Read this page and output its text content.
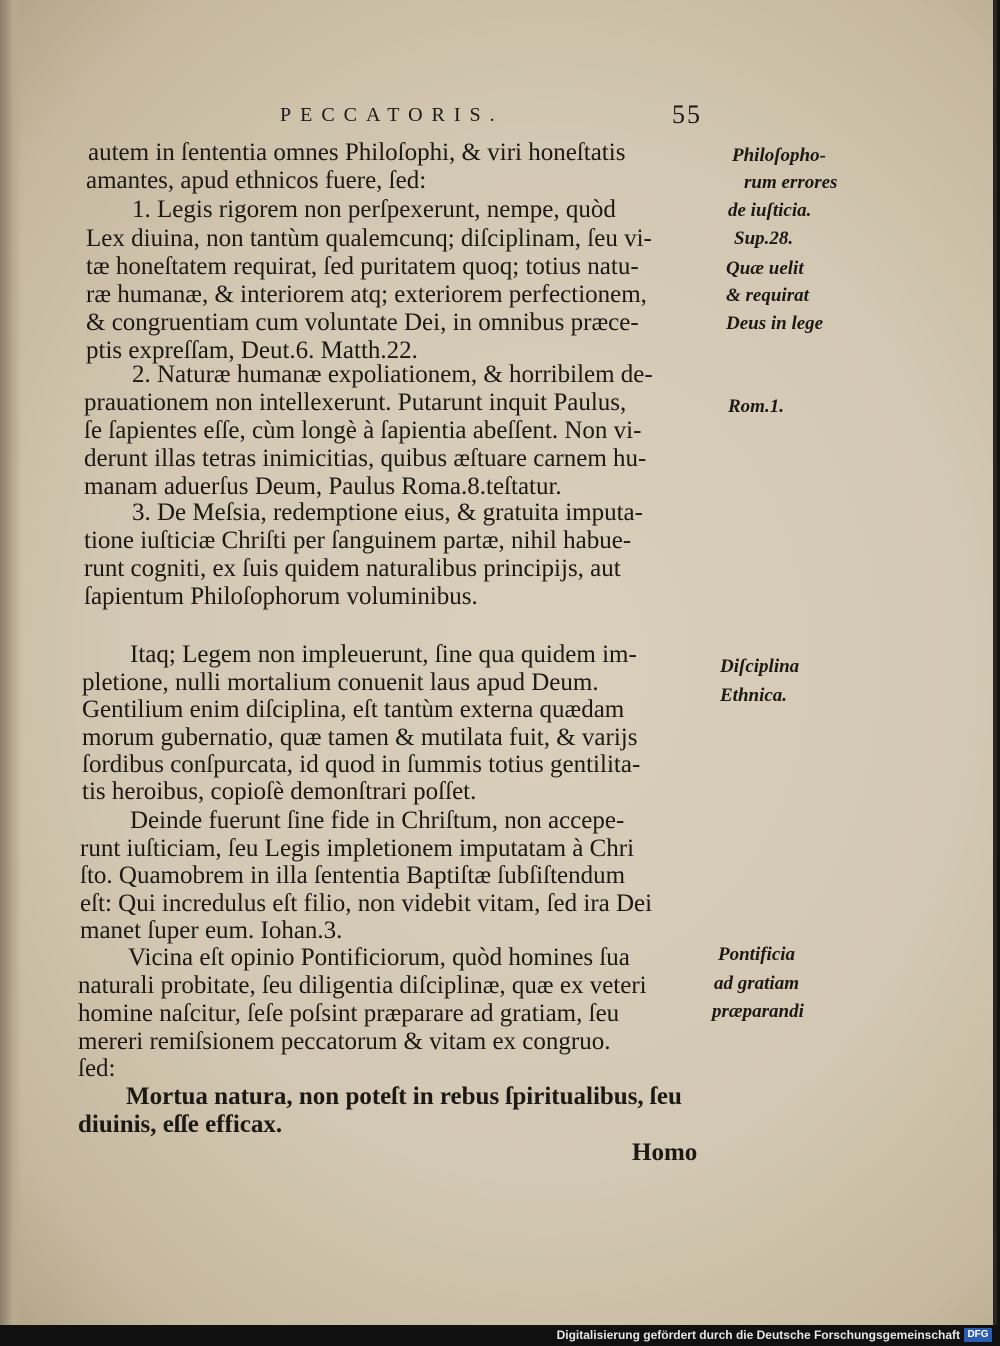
PECCATORIS.	55
autem in ſententia omnes Philoſophi, & viri honeſtatis
amantes, apud ethnicos fuere, ſed:
1. Legis rigorem non perſpexerunt, nempe, quòd
Lex diuina, non tantùm qualemcunq; diſciplinam, ſeu vi-
tæ honeſtatem requirat, ſed puritatem quoq; totius natu-
ræ humanæ, & interiorem atq; exteriorem perfectionem,
& congruentiam cum voluntate Dei, in omnibus præce-
ptis expreſſam, Deut.6. Matth.22.
2. Naturæ humanæ expoliationem, & horribilem de-
prauationem non intellexerunt. Putarunt inquit Paulus,
ſe ſapientes eſſe, cùm longè à ſapientia abeſſent. Non vi-
derunt illas tetras inimicitias, quibus æſtuare carnem hu-
manam aduerſus Deum, Paulus Roma.8.teſtatur.
3. De Meſsia, redemptione eius, & gratuita imputa-
tione iuſticiæ Chriſti per ſanguinem partæ, nihil habue-
runt cogniti, ex ſuis quidem naturalibus principijs, aut
ſapientum Philoſophorum voluminibus.
Itaq; Legem non impleuerunt, ſine qua quidem im-
pletione, nulli mortalium conuenit laus apud Deum.
Gentilium enim diſciplina, eſt tantùm externa quædam
morum gubernatio, quæ tamen & mutilata fuit, & varijs
ſordibus conſpurcata, id quod in ſummis totius gentilita-
tis heroibus, copioſè demonſtrari poſſet.
Deinde fuerunt ſine fide in Chriſtum, non accepe-
runt iuſticiam, ſeu Legis impletionem imputatam à Chri
ſto. Quamobrem in illa ſententia Baptiſtæ ſubſiſtendum
eſt: Qui incredulus eſt filio, non videbit vitam, ſed ira Dei
manet ſuper eum. Iohan.3.
Vicina eſt opinio Pontificiorum, quòd homines ſua
naturali probitate, ſeu diligentia diſciplinæ, quæ ex veteri
homine naſcitur, ſeſe poſsint præparare ad gratiam, ſeu
mereri remiſsionem peccatorum & vitam ex congruo.
ſed:
Mortua natura, non poteſt in rebus ſpiritualibus, ſeu
diuinis, eſſe efficax.
Homo
Philoſopho-
rum errores
de iuſticia.
Sup.28.
Quæ uelit
& requirat
Deus in lege
Rom.1.
Diſciplina
Ethnica.
Pontificia
ad gratiam
præparandi
Digitalisierung gefördert durch die Deutsche Forschungsgemeinschaft DFG
